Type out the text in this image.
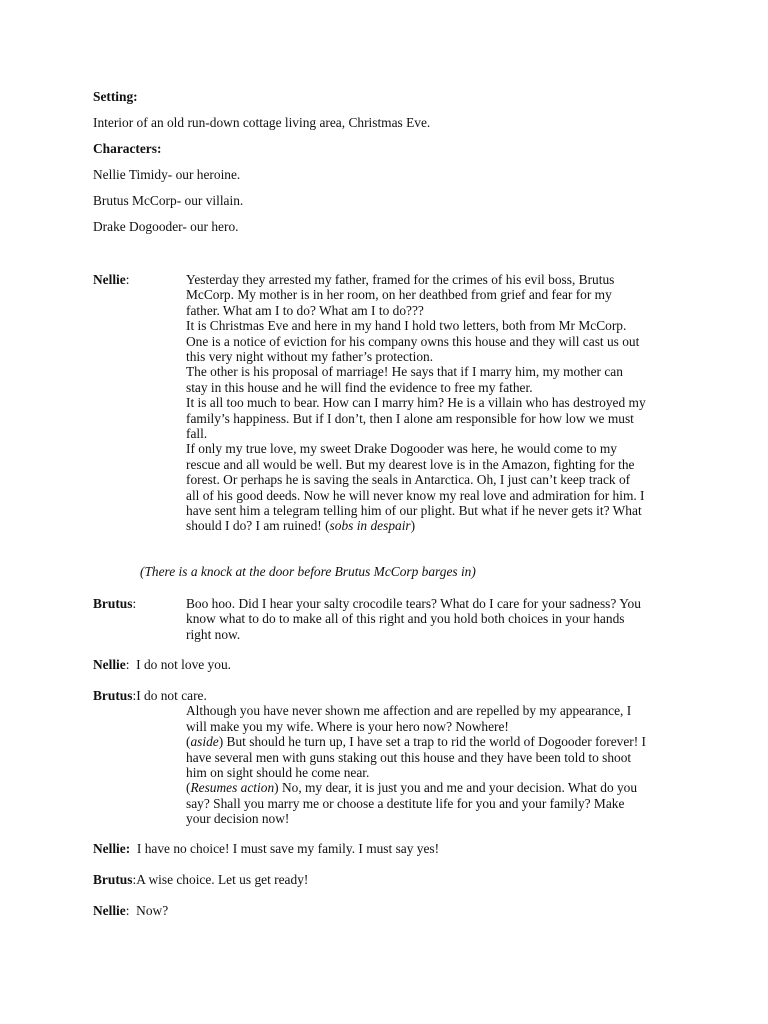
Setting:
Interior of an old run-down cottage living area, Christmas Eve.
Characters:
Nellie Timidy- our heroine.
Brutus McCorp- our villain.
Drake Dogooder- our hero.
Nellie:	Yesterday they arrested my father, framed for the crimes of his evil boss, Brutus
McCorp. My mother is in her room, on her deathbed from grief and fear for my
father. What am I to do? What am I to do???
It is Christmas Eve and here in my hand I hold two letters, both from Mr McCorp.
One is a notice of eviction for his company owns this house and they will cast us out
this very night without my father’s protection.
The other is his proposal of marriage! He says that if I marry him, my mother can
stay in this house and he will find the evidence to free my father.
It is all too much to bear. How can I marry him? He is a villain who has destroyed my
family’s happiness. But if I don’t, then I alone am responsible for how low we must
fall.
If only my true love, my sweet Drake Dogooder was here, he would come to my
rescue and all would be well. But my dearest love is in the Amazon, fighting for the
forest. Or perhaps he is saving the seals in Antarctica. Oh, I just can’t keep track of
all of his good deeds. Now he will never know my real love and admiration for him. I
have sent him a telegram telling him of our plight. But what if he never gets it? What
should I do? I am ruined! (sobs in despair)
(There is a knock at the door before Brutus McCorp barges in)
Brutus:	Boo hoo. Did I hear your salty crocodile tears? What do I care for your sadness? You
know what to do to make all of this right and you hold both choices in your hands
right now.
Nellie: I do not love you.
Brutus:I do not care.
Although you have never shown me affection and are repelled by my appearance, I
will make you my wife. Where is your hero now? Nowhere!
(aside) But should he turn up, I have set a trap to rid the world of Dogooder forever! I
have several men with guns staking out this house and they have been told to shoot
him on sight should he come near.
(Resumes action) No, my dear, it is just you and me and your decision. What do you
say? Shall you marry me or choose a destitute life for you and your family? Make
your decision now!
Nellie: I have no choice! I must save my family. I must say yes!
Brutus:A wise choice. Let us get ready!
Nellie: Now?
